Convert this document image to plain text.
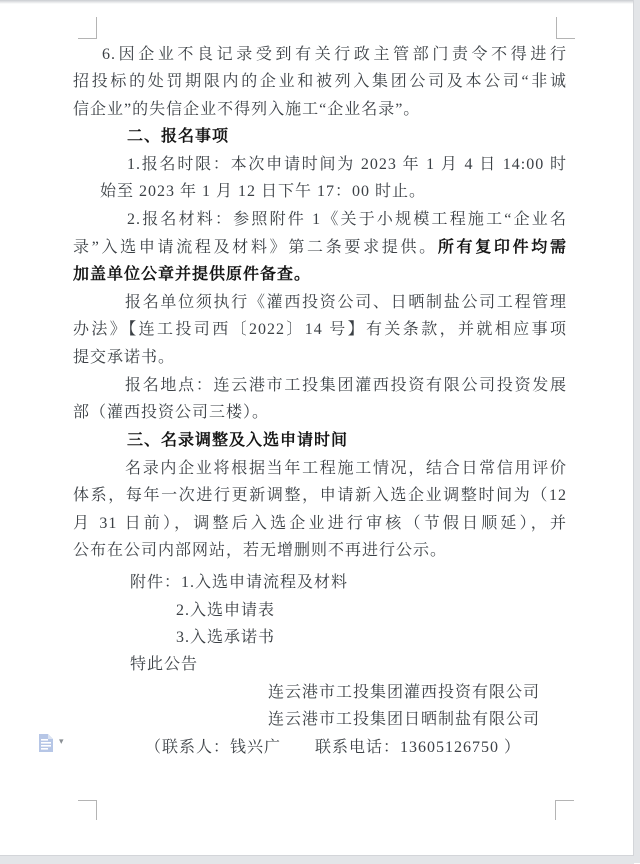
6.因企业不良记录受到有关行政主管部门责令不得进行
招投标的处罚期限内的企业和被列入集团公司及本公司“非诚
信企业”的失信企业不得列入施工“企业名录”。
二、报名事项
1.报名时限：本次申请时间为 2023 年 1 月 4 日 14:00 时
始至 2023 年 1 月 12 日下午 17：00 时止。
2.报名材料：参照附件 1《关于小规模工程施工“企业名
录”入选申请流程及材料》第二条要求提供。所有复印件均需
加盖单位公章并提供原件备查。
报名单位须执行《灌西投资公司、日晒制盐公司工程管理
办法》【连工投司西〔2022〕14 号】有关条款，并就相应事项
提交承诺书。
报名地点：连云港市工投集团灌西投资有限公司投资发展
部（灌西投资公司三楼）。
三、名录调整及入选申请时间
名录内企业将根据当年工程施工情况，结合日常信用评价
体系，每年一次进行更新调整，申请新入选企业调整时间为（12
月 31 日前），调整后入选企业进行审核（节假日顺延），并
公布在公司内部网站，若无增删则不再进行公示。
附件：1.入选申请流程及材料
2.入选申请表
3.入选承诺书
特此公告
连云港市工投集团灌西投资有限公司
连云港市工投集团日晒制盐有限公司
（联系人：钱兴广　　联系电话：13605126750 ）
▾
